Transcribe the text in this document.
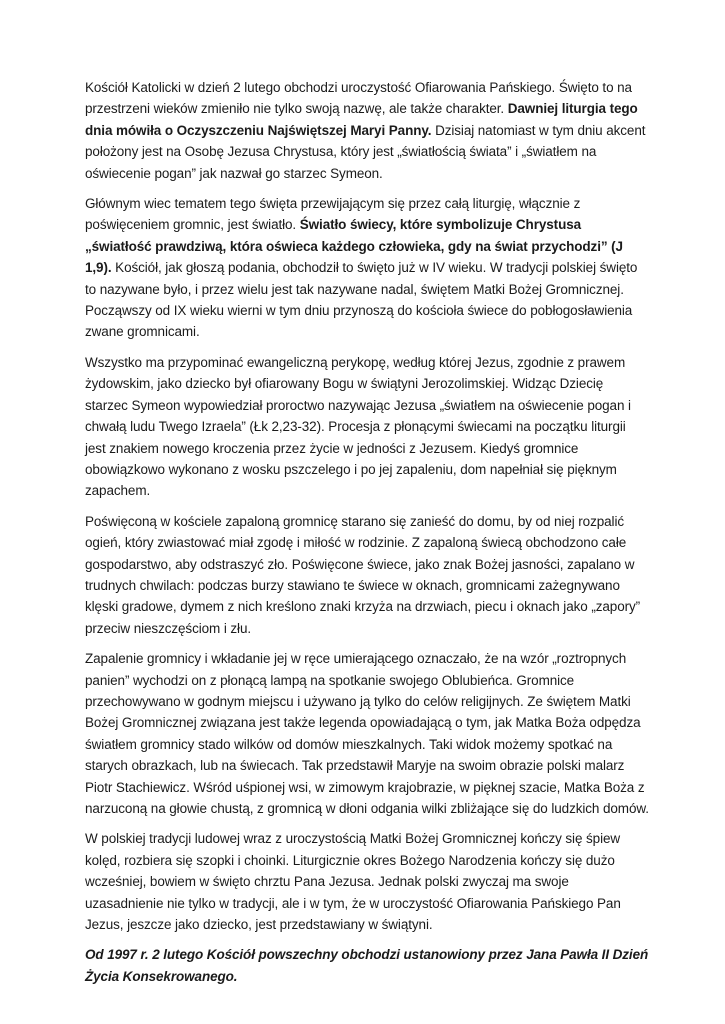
Kościół Katolicki w dzień 2 lutego obchodzi uroczystość Ofiarowania Pańskiego. Święto to na przestrzeni wieków zmieniło nie tylko swoją nazwę, ale także charakter. Dawniej liturgia tego dnia mówiła o Oczyszczeniu Najświętszej Maryi Panny. Dzisiaj natomiast w tym dniu akcent położony jest na Osobę Jezusa Chrystusa, który jest „światłością świata” i „światłem na oświecenie pogan” jak nazwał go starzec Symeon.

Głównym wiec tematem tego święta przewijającym się przez całą liturgię, włącznie z poświęceniem gromnic, jest światło. Światło świecy, które symbolizuje Chrystusa „światłość prawdziwą, która oświeca każdego człowieka, gdy na świat przychodzi” (J 1,9). Kościół, jak głoszą podania, obchodził to święto już w IV wieku. W tradycji polskiej święto to nazywane było, i przez wielu jest tak nazywane nadal, świętem Matki Bożej Gromnicznej. Począwszy od IX wieku wierni w tym dniu przynoszą do kościoła świece do pobłogosławienia zwane gromnicami.

Wszystko ma przypominać ewangeliczną perykopę, według której Jezus, zgodnie z prawem żydowskim, jako dziecko był ofiarowany Bogu w świątyni Jerozolimskiej. Widząc Dziecię starzec Symeon wypowiedział proroctwo nazywając Jezusa „światłem na oświecenie pogan i chwałą ludu Twego Izraela” (Łk 2,23-32). Procesja z płonącymi świecami na początku liturgii jest znakiem nowego kroczenia przez życie w jedności z Jezusem. Kiedyś gromnice obowiązkowo wykonano z wosku pszczelego i po jej zapaleniu, dom napełniał się pięknym zapachem.

Poświęconą w kościele zapaloną gromnicę starano się zanieść do domu, by od niej rozpalić ogień, który zwiastować miał zgodę i miłość w rodzinie. Z zapaloną świecą obchodzono całe gospodarstwo, aby odstraszyć zło. Poświęcone świece, jako znak Bożej jasności, zapalano w trudnych chwilach: podczas burzy stawiano te świece w oknach, gromnicami zażegnywano klęski gradowe, dymem z nich kreślono znaki krzyża na drzwiach, piecu i oknach jako „zapory” przeciw nieszczęściom i złu.

Zapalenie gromnicy i wkładanie jej w ręce umierającego oznaczało, że na wzór „roztropnych panien” wychodzi on z płonącą lampą na spotkanie swojego Oblubieńca. Gromnice przechowywano w godnym miejscu i używano ją tylko do celów religijnych. Ze świętem Matki Bożej Gromnicznej związana jest także legenda opowiadającą o tym, jak Matka Boża odpędza światłem gromnicy stado wilków od domów mieszkalnych. Taki widok możemy spotkać na starych obrazkach, lub na świecach. Tak przedstawił Maryje na swoim obrazie polski malarz Piotr Stachiewicz. Wśród uśpionej wsi, w zimowym krajobrazie, w pięknej szacie, Matka Boża z narzuconą na głowie chustą, z gromnicą w dłoni odgania wilki zbliżające się do ludzkich domów.

W polskiej tradycji ludowej wraz z uroczystością Matki Bożej Gromnicznej kończy się śpiew kolęd, rozbiera się szopki i choinki. Liturgicznie okres Bożego Narodzenia kończy się dużo wcześniej, bowiem w święto chrztu Pana Jezusa. Jednak polski zwyczaj ma swoje uzasadnienie nie tylko w tradycji, ale i w tym, że w uroczystość Ofiarowania Pańskiego Pan Jezus, jeszcze jako dziecko, jest przedstawiany w świątyni.

Od 1997 r. 2 lutego Kościół powszechny obchodzi ustanowiony przez Jana Pawła II Dzień Życia Konsekrowanego.
